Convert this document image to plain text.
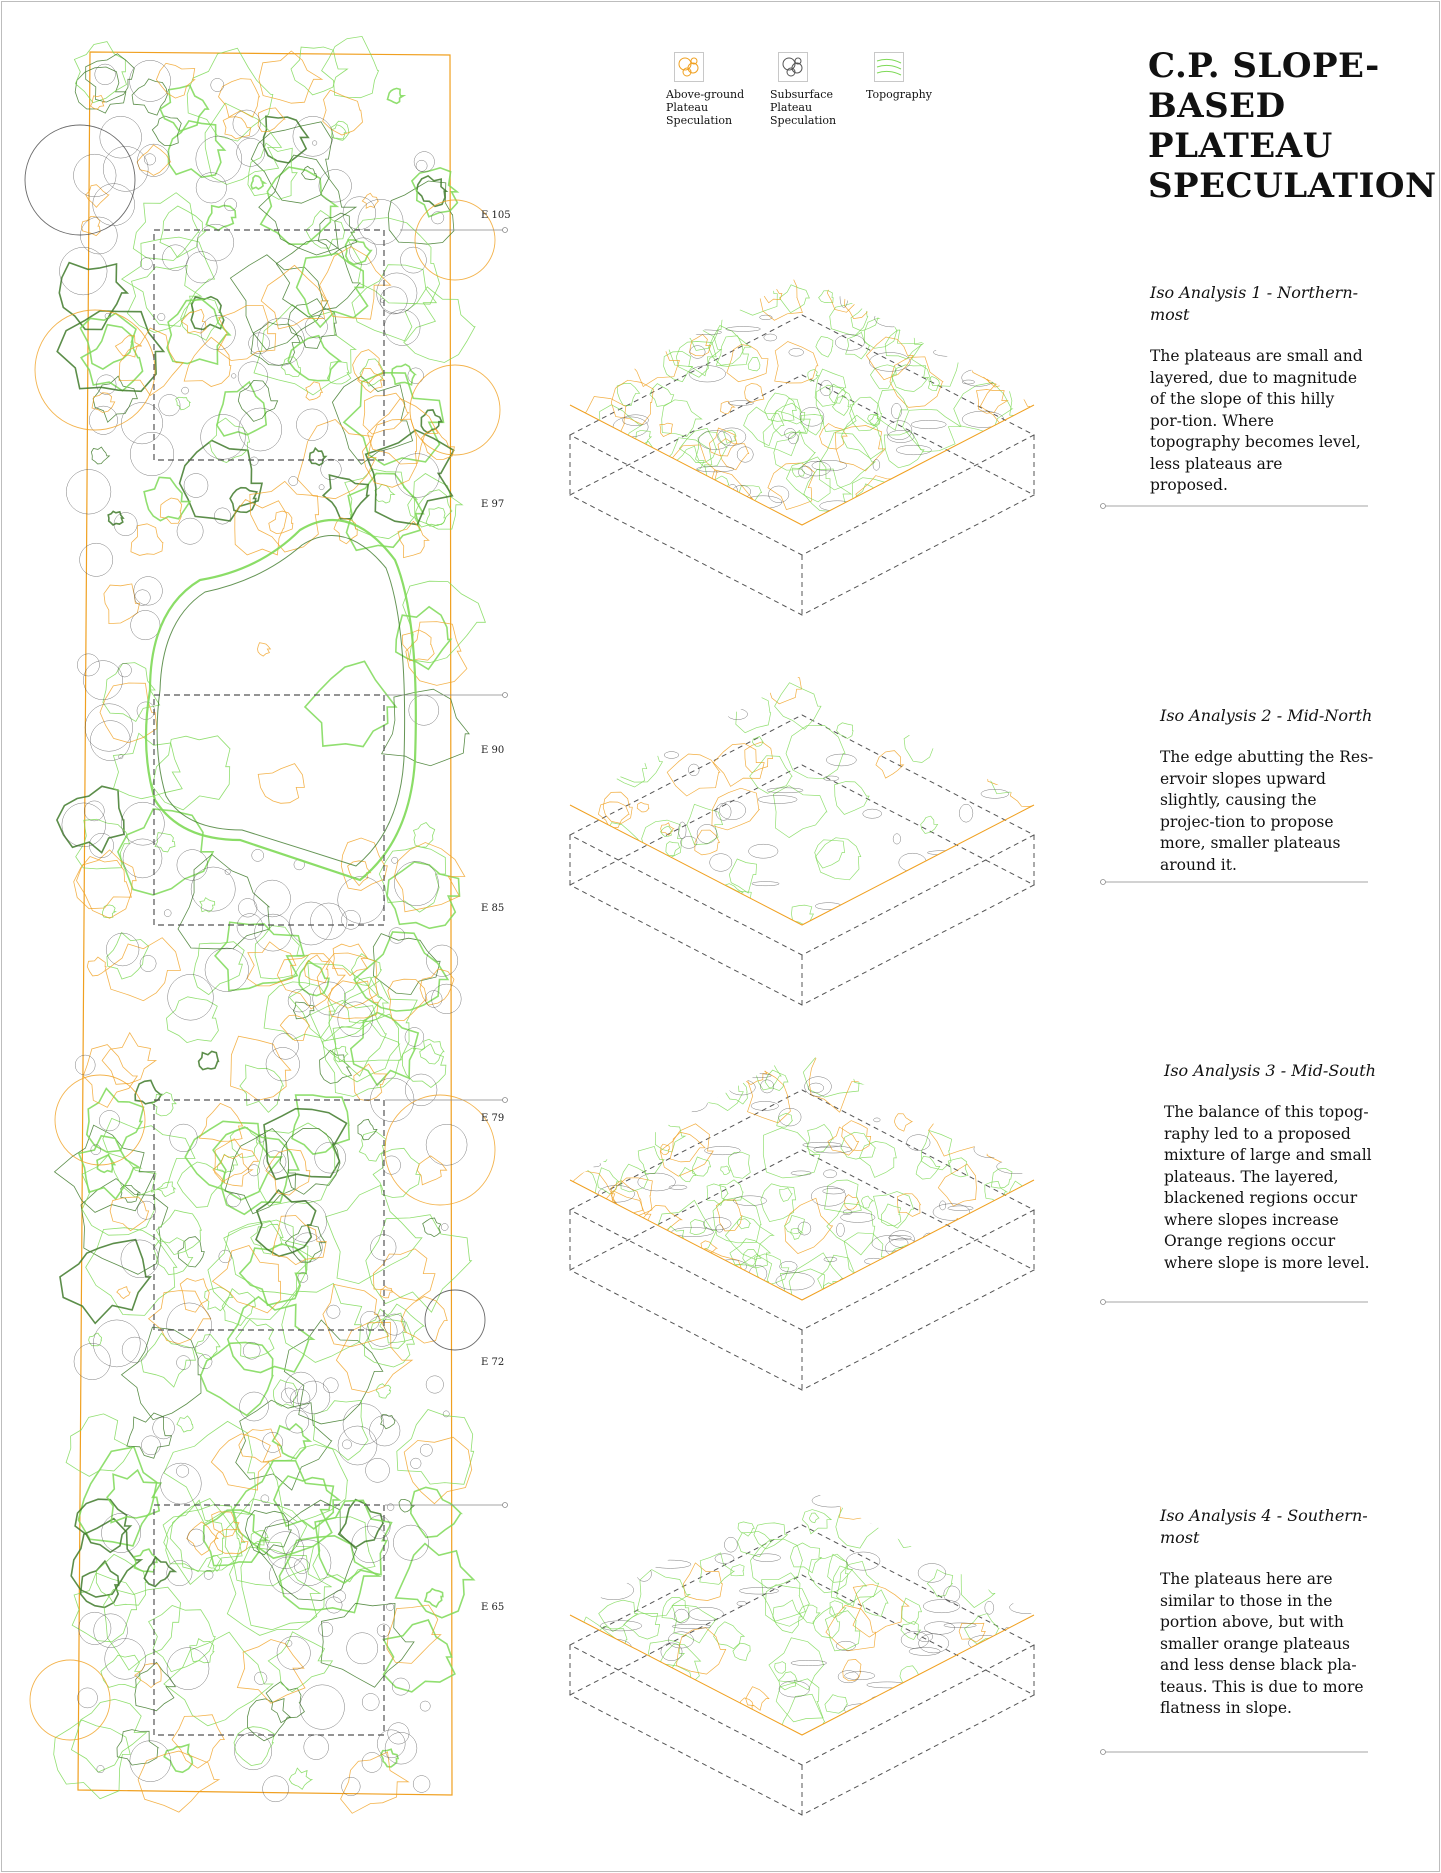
E 105
E 97
E 90
E 85
E 79
E 72
E 65
Above-ground
Plateau
Speculation
Subsurface
Plateau
Speculation
Topography
C.P. SLOPE-
BASED
PLATEAU
SPECULATION
Iso Analysis 1 - Northern-
most

The plateaus are small and layered, due to magnitude of the slope of this hilly por-tion. Where topography becomes level, less plateaus are proposed.

Iso Analysis 2 - Mid-North

The edge abutting the Res-ervoir slopes upward slightly, causing the projec-tion to propose more, smaller plateaus around it.

Iso Analysis 3 - Mid-South

The balance of this topog-raphy led to a proposed mixture of large and small plateaus. The layered, blackened regions occur where slopes increase Orange regions occur where slope is more level.

Iso Analysis 4 - Southern-
most

The plateaus here are similar to those in the portion above, but with smaller orange plateaus and less dense black pla-teaus. This is due to more flatness in slope.
